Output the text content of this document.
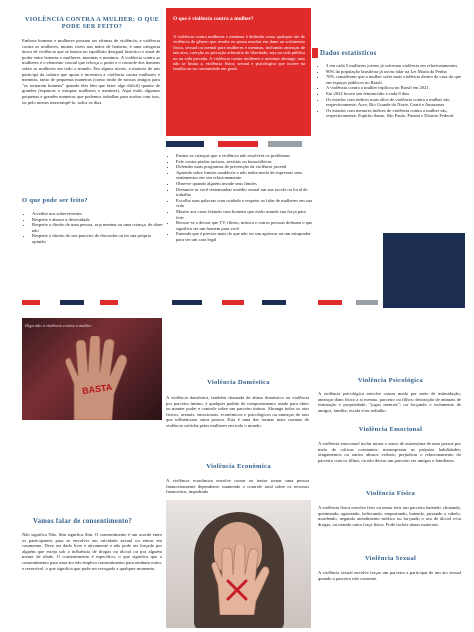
VIOLÊNCIA CONTRA A MULHER: O QUE PODE SER FEITO?
Embora homens e mulheres possam ser vítimas de violência, a violência contra as mulheres, muitas vezes nas mãos de homens, é uma categoria única de violência que se baseia no equilíbrio desigual histórico e atual de poder entre homens e mulheres, meninas e meninos. A violência contra as mulheres é o elemento crucial que reforça o poder e o controle dos homens sobre as mulheres em todo o mundo. Em alguns níveis, a maioria de nós participa da cultura que apoia e incentiva a violência contra mulheres e meninas, tanto de pequenas maneiras (como rindo de nossos amigos para "os tornarem homens" quando eles têm que fazer algo difícil) quanto de grandes (espancar e estuprar mulheres e meninas). Aqui estão algumas pequenas e grandes maneiras que podemos trabalhar para acabar com isso, ou pelo menos interrompê-lo, todos os dias.
O que pode ser feito?
• Acredite nos sobreviventes
• Respeite e abrace a diversidade
• Respeite o direito de uma pessoa, seja menina ou uma criança, de dizer não
• Respeite o direito do seu parceiro de discordar ou ter sua própria opinião
O que é violência contra a mulher?
A violência contra mulheres e meninas é definida como qualquer ato de violência de gênero que resulte ou possa resultar em dano ou sofrimento físico, sexual ou mental para mulheres e meninas, incluindo ameaças de tais atos, coerção ou privação arbitrária de liberdade, seja na vida pública ou na vida privada. A violência contra mulheres e meninas abrange, mas não se limita a, violência física, sexual e psicológica que ocorre na família ou na comunidade em geral.
• Ensine as crianças que a violência não resolverá os problemas
• Fale contra piadas racistas, sexistas ou homofóbicas
• Defender mais programas de prevenção da violência juvenil
• Aprenda sobre limites saudáveis e não tenha medo de expressar seus sentimentos em seu relacionamento
• Observe quando alguém invade seus limites
• Denuncie se você testemunhar assédio sexual em sua escola ou local de trabalho
• Escolha suas palavras com cuidado e respeite ao falar de mulheres em sua vida
• Mostre aos caras falando com homens que estão usando sua força para ferir
• Recuse-se a deixar que TV, filmes, música e outros pessoas definam o que significa ser um homem para você
• Entenda que é preciso mais do que não ser um agressor ou um estuprador para ser um cara legal
Dados estatísticos
• 3 em cada 5 mulheres jovens já sofreram violência em relacionamentos.
• 90% da população brasileira já ouviu falar na Lei Maria da Penha
• 70% consideram que a mulher sofre mais violência dentro de casa do que em espaços públicos no Brasil.
• A violência contra a mulher triplicou no Brasil em 2021.
• Em 2022 houve um feminicídio a cada 8 dias
• Os estados com índices mais altos de violência contra a mulher são, respectivamente, Acre, Rio Grande do Norte, Ceará e Amazonas
• Os estados com menores índices de violência contra a mulher são, respectivamente, Espírito Santo, São Paulo, Paraná e Distrito Federal.
Diga não à violência contra a mulher
BASTA
Vamos falar de consentimento?
Não significa Não. Sim significa Sim. O consentimento é um acordo entre os participantes para se envolver em atividade sexual ou entrar em casamento. Deve ser dado livre e ativamente e não pode ser forçado por alguém que esteja sob a influência de drogas ou álcool ou por alguém menor de idade. O consentimento é específico, o que significa que o consentimento para uma ato não implica consentimento para nenhum outro, e reversível, o que significa que pode ser revogado a qualquer momento.
Violência Doméstica
A violência doméstica, também chamada de abuso doméstico ou violência por parceiro íntimo, é qualquer padrão de comportamento usado para obter ou manter poder e controle sobre um parceiro íntimo. Abrange todos os atos físicos, sexuais, emocionais, econômicos e psicológicos ou ameaças de atos que influenciam outra pessoa. Esta é uma das formas mais comuns de violência sofridas pelas mulheres em todo o mundo.
Violência Econômica
A violência econômica envolve tornar ou tentar tornar uma pessoa financeiramente dependente, mantendo o controle total sobre os recursos financeiros, impedindo
Violência Psicológica
A violência psicológica envolve causar medo por meio de intimidação; ameaçar dano físico a si mesmo, parceiro ou filhos; destruição de animais de estimação e propriedade; "jogos mentais"; ou forçando o isolamento de amigos, família, escola e/ou trabalho.
Violência Emocional
A violência emocional inclui minar o senso de autoestima de uma pessoa por meio de críticas constantes; menosprezar as próprias habilidades; xingamentos ou outros abusos verbais; prejudicar o relacionamento do parceiro com os filhos; ou não deixar um parceiro ver amigos e familiares.
Violência Física
A violência física envolve ferir ou tentar ferir um parceiro batendo, chutando, queimando, agarrando, beliscando, empurrando, batendo, puxando o cabelo, mordendo, negando atendimento médico ou forçando o uso de álcool e/ou drogas, ou usando outra força física. Pode incluir danos materiais.
Violência Sexual
A violência sexual envolve forçar um parceiro a participar de um ato sexual quando o parceiro não consente.
